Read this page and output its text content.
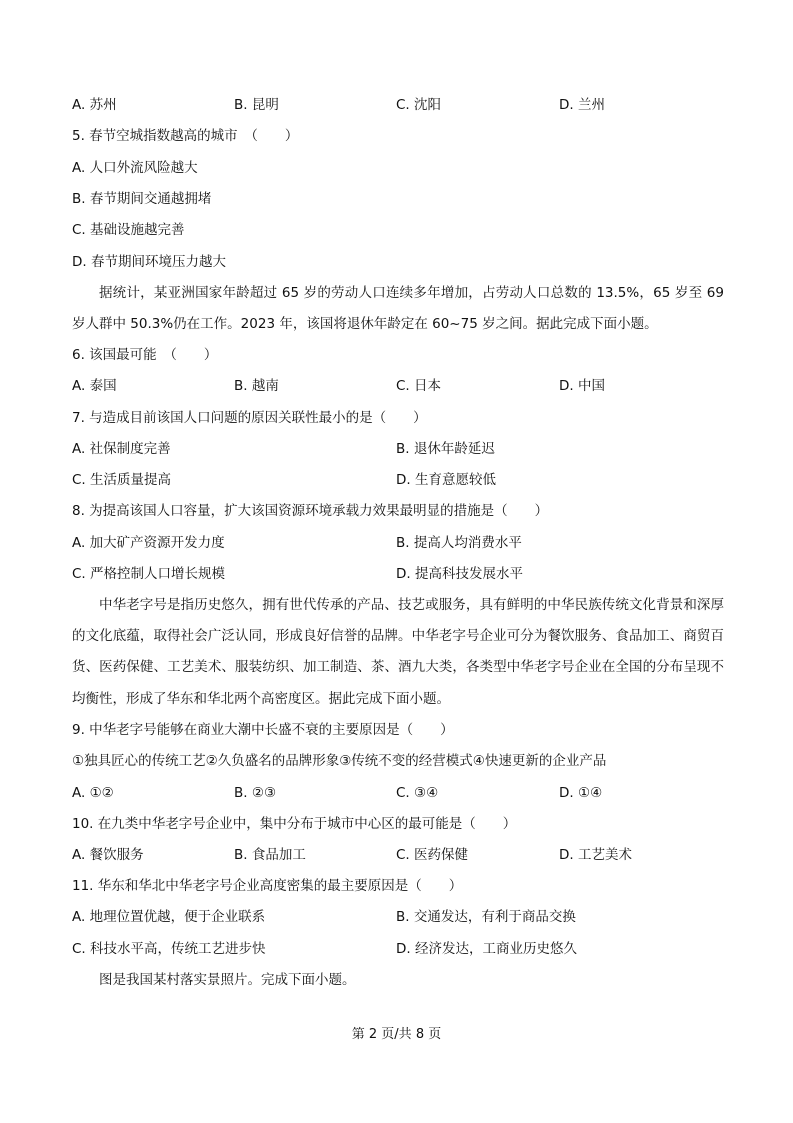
A. 苏州	B. 昆明	C. 沈阳	D. 兰州
5. 春节空城指数越高的城市　（　　）
A. 人口外流风险越大
B. 春节期间交通越拥堵
C. 基础设施越完善
D. 春节期间环境压力越大
据统计，某亚洲国家年龄超过 65 岁的劳动人口连续多年增加，占劳动人口总数的 13.5%，65 岁至 69 岁人群中 50.3%仍在工作。2023 年，该国将退休年龄定在 60~75 岁之间。据此完成下面小题。
6. 该国最可能　（　　）
A. 泰国	B. 越南	C. 日本	D. 中国
7. 与造成目前该国人口问题的原因关联性最小的是（　　）
A. 社保制度完善	B. 退休年龄延迟
C. 生活质量提高	D. 生育意愿较低
8. 为提高该国人口容量，扩大该国资源环境承载力效果最明显的措施是（　　）
A. 加大矿产资源开发力度	B. 提高人均消费水平
C. 严格控制人口增长规模	D. 提高科技发展水平
中华老字号是指历史悠久，拥有世代传承的产品、技艺或服务，具有鲜明的中华民族传统文化背景和深厚的文化底蕴，取得社会广泛认同，形成良好信誉的品牌。中华老字号企业可分为餐饮服务、食品加工、商贸百货、医药保健、工艺美术、服装纺织、加工制造、茶、酒九大类，各类型中华老字号企业在全国的分布呈现不均衡性，形成了华东和华北两个高密度区。据此完成下面小题。
9. 中华老字号能够在商业大潮中长盛不衰的主要原因是（　　）
①独具匠心的传统工艺②久负盛名的品牌形象③传统不变的经营模式④快速更新的企业产品
A. ①②	B. ②③	C. ③④	D. ①④
10. 在九类中华老字号企业中，集中分布于城市中心区的最可能是（　　）
A. 餐饮服务	B. 食品加工	C. 医药保健	D. 工艺美术
11. 华东和华北中华老字号企业高度密集的最主要原因是（　　）
A. 地理位置优越，便于企业联系	B. 交通发达，有利于商品交换
C. 科技水平高，传统工艺进步快	D. 经济发达，工商业历史悠久
图是我国某村落实景照片。完成下面小题。
第 2 页/共 8 页
